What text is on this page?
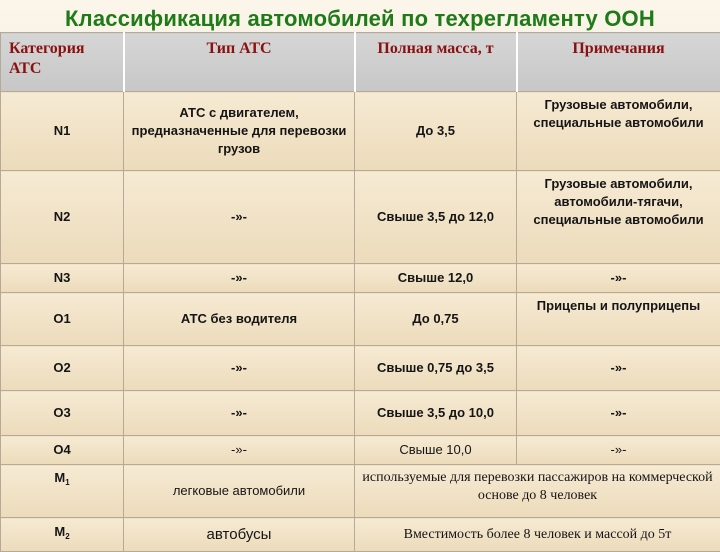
Классификация автомобилей по техрегламенту ООН
Категория АТС	Тип АТС	Полная масса, т	Примечания
N1	АТС с двигателем, предназначенные для перевозки грузов	До 3,5	Грузовые автомобили, специальные автомобили
N2	-»-	Свыше 3,5 до 12,0	Грузовые автомобили, автомобили-тягачи, специальные автомобили
N3	-»-	Свыше 12,0	-»-
O1	АТС без водителя	До 0,75	Прицепы и полуприцепы
O2	-»-	Свыше 0,75 до 3,5	-»-
O3	-»-	Свыше 3,5 до 10,0	-»-
O4	-»-	Свыше 10,0	-»-
$M_1$	легковые автомобили	используемые для перевозки пассажиров на коммерческой основе до 8 человек	
$M_2$	автобусы	Вместимость более 8 человек и массой до 5т	
